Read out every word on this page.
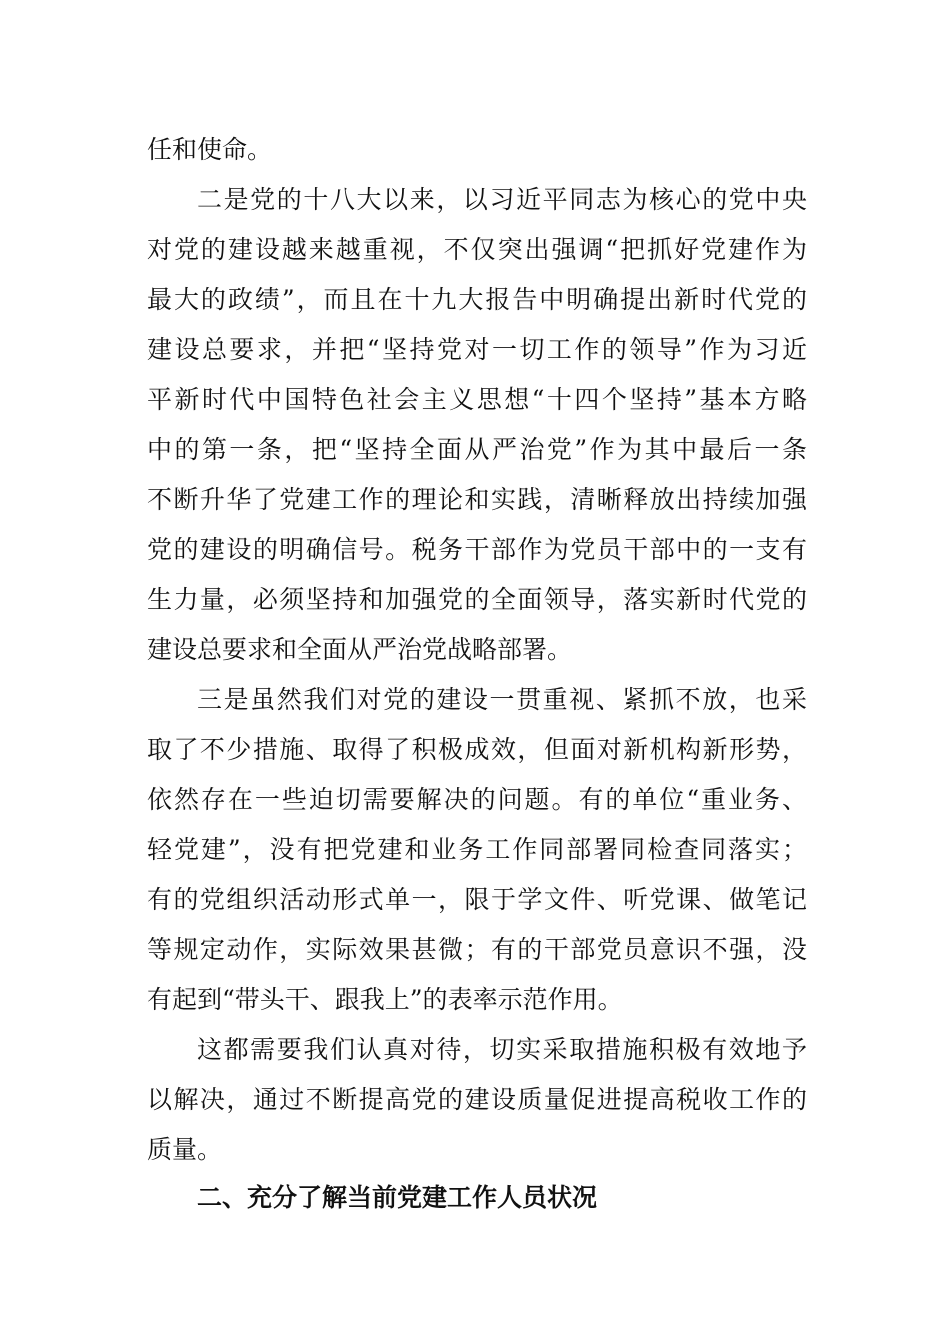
任和使命。
二是党的十八大以来，以习近平同志为核心的党中央
对党的建设越来越重视，不仅突出强调“把抓好党建作为
最大的政绩”，而且在十九大报告中明确提出新时代党的
建设总要求，并把“坚持党对一切工作的领导”作为习近
平新时代中国特色社会主义思想“十四个坚持”基本方略
中的第一条，把“坚持全面从严治党”作为其中最后一条
不断升华了党建工作的理论和实践，清晰释放出持续加强
党的建设的明确信号。税务干部作为党员干部中的一支有
生力量，必须坚持和加强党的全面领导，落实新时代党的
建设总要求和全面从严治党战略部署。
三是虽然我们对党的建设一贯重视、紧抓不放，也采
取了不少措施、取得了积极成效，但面对新机构新形势，
依然存在一些迫切需要解决的问题。有的单位“重业务、
轻党建”，没有把党建和业务工作同部署同检查同落实；
有的党组织活动形式单一，限于学文件、听党课、做笔记
等规定动作，实际效果甚微；有的干部党员意识不强，没
有起到“带头干、跟我上”的表率示范作用。
这都需要我们认真对待，切实采取措施积极有效地予
以解决，通过不断提高党的建设质量促进提高税收工作的
质量。
二、充分了解当前党建工作人员状况
